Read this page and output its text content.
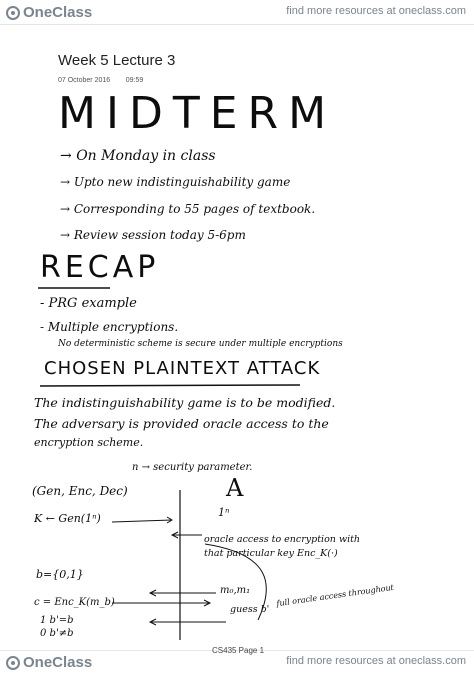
OneClass	find more resources at oneclass.com
Week 5 Lecture 3
07 October 2016 09:59
MIDTERM
→ On Monday in class
→ Upto new indistinguishability game
→ Corresponding to 55 pages of textbook.
→ Review session today 5-6pm
RECAP
- PRG example
- Multiple encryptions.
No deterministic scheme is secure under multiple encryptions
CHOSEN PLAINTEXT ATTACK
The indistinguishability game is to be modified.
The adversary is provided oracle access to the
encryption scheme.
n → security parameter.
(Gen, Enc, Dec)	A
K ← Gen(1ⁿ)	1ⁿ
oracle access to encryption with
that particular key Enc_K(·)
b={0,1}
m₀,m₁	full oracle access throughout
c = Enc_K(m_b)
guess b'
1 b'=b
0 b'≠b
OneClass	find more resources at oneclass.com
CS435 Page 1
